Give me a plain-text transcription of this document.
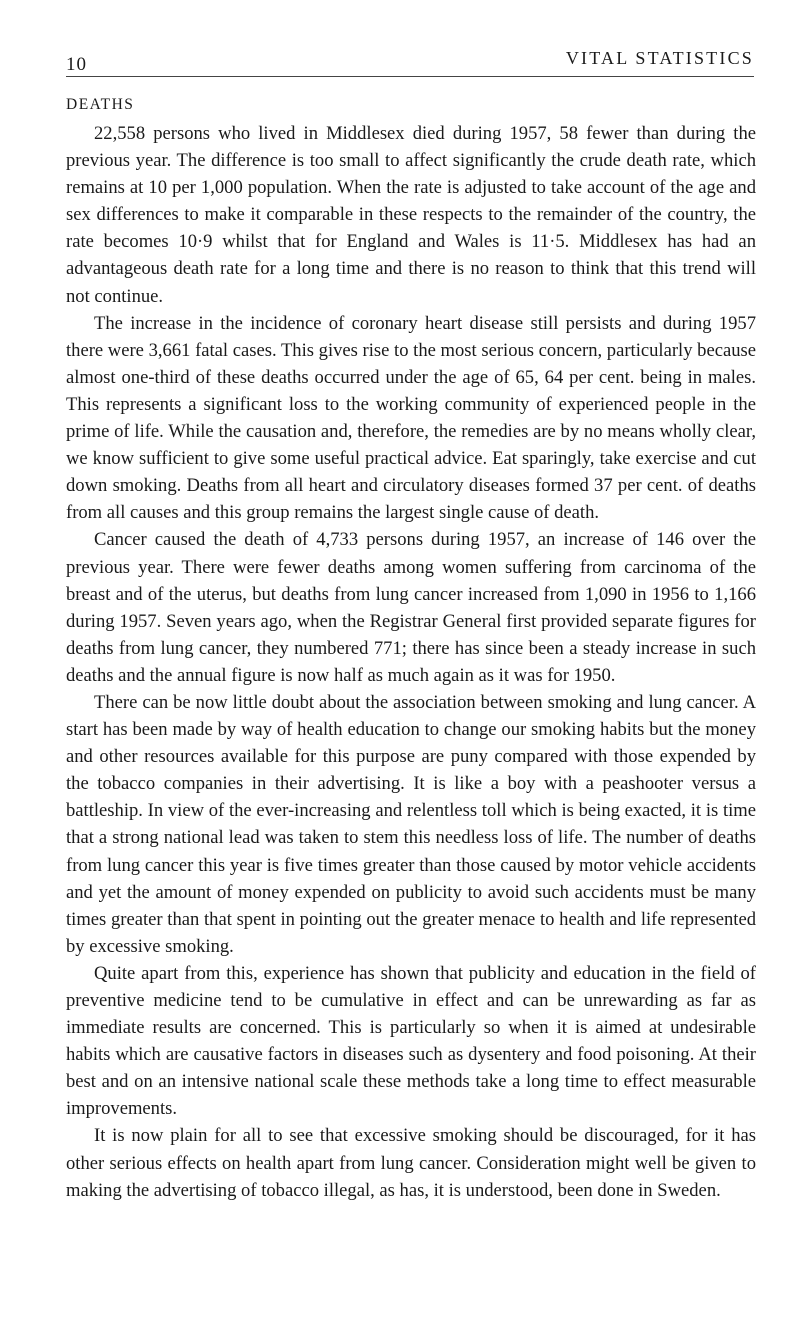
10	VITAL STATISTICS
DEATHS

22,558 persons who lived in Middlesex died during 1957, 58 fewer than during the previous year. The difference is too small to affect significantly the crude death rate, which remains at 10 per 1,000 population. When the rate is adjusted to take account of the age and sex differences to make it comparable in these respects to the remainder of the country, the rate becomes 10·9 whilst that for England and Wales is 11·5. Middlesex has had an advantageous death rate for a long time and there is no reason to think that this trend will not continue.

The increase in the incidence of coronary heart disease still persists and during 1957 there were 3,661 fatal cases. This gives rise to the most serious concern, particularly because almost one-third of these deaths occurred under the age of 65, 64 per cent. being in males. This represents a significant loss to the working community of experienced people in the prime of life. While the causation and, therefore, the remedies are by no means wholly clear, we know sufficient to give some useful practical advice. Eat sparingly, take exercise and cut down smoking. Deaths from all heart and circulatory diseases formed 37 per cent. of deaths from all causes and this group remains the largest single cause of death.

Cancer caused the death of 4,733 persons during 1957, an increase of 146 over the previous year. There were fewer deaths among women suffering from carcinoma of the breast and of the uterus, but deaths from lung cancer increased from 1,090 in 1956 to 1,166 during 1957. Seven years ago, when the Registrar General first provided separate figures for deaths from lung cancer, they numbered 771; there has since been a steady increase in such deaths and the annual figure is now half as much again as it was for 1950.

There can be now little doubt about the association between smoking and lung cancer. A start has been made by way of health education to change our smoking habits but the money and other resources available for this purpose are puny compared with those expended by the tobacco companies in their advertising. It is like a boy with a peashooter versus a battleship. In view of the ever-increasing and relentless toll which is being exacted, it is time that a strong national lead was taken to stem this needless loss of life. The number of deaths from lung cancer this year is five times greater than those caused by motor vehicle accidents and yet the amount of money expended on publicity to avoid such accidents must be many times greater than that spent in pointing out the greater menace to health and life represented by excessive smoking.

Quite apart from this, experience has shown that publicity and education in the field of preventive medicine tend to be cumulative in effect and can be unrewarding as far as immediate results are concerned. This is particularly so when it is aimed at undesirable habits which are causative factors in diseases such as dysentery and food poisoning. At their best and on an intensive national scale these methods take a long time to effect measurable improvements.

It is now plain for all to see that excessive smoking should be discouraged, for it has other serious effects on health apart from lung cancer. Consideration might well be given to making the advertising of tobacco illegal, as has, it is understood, been done in Sweden.
